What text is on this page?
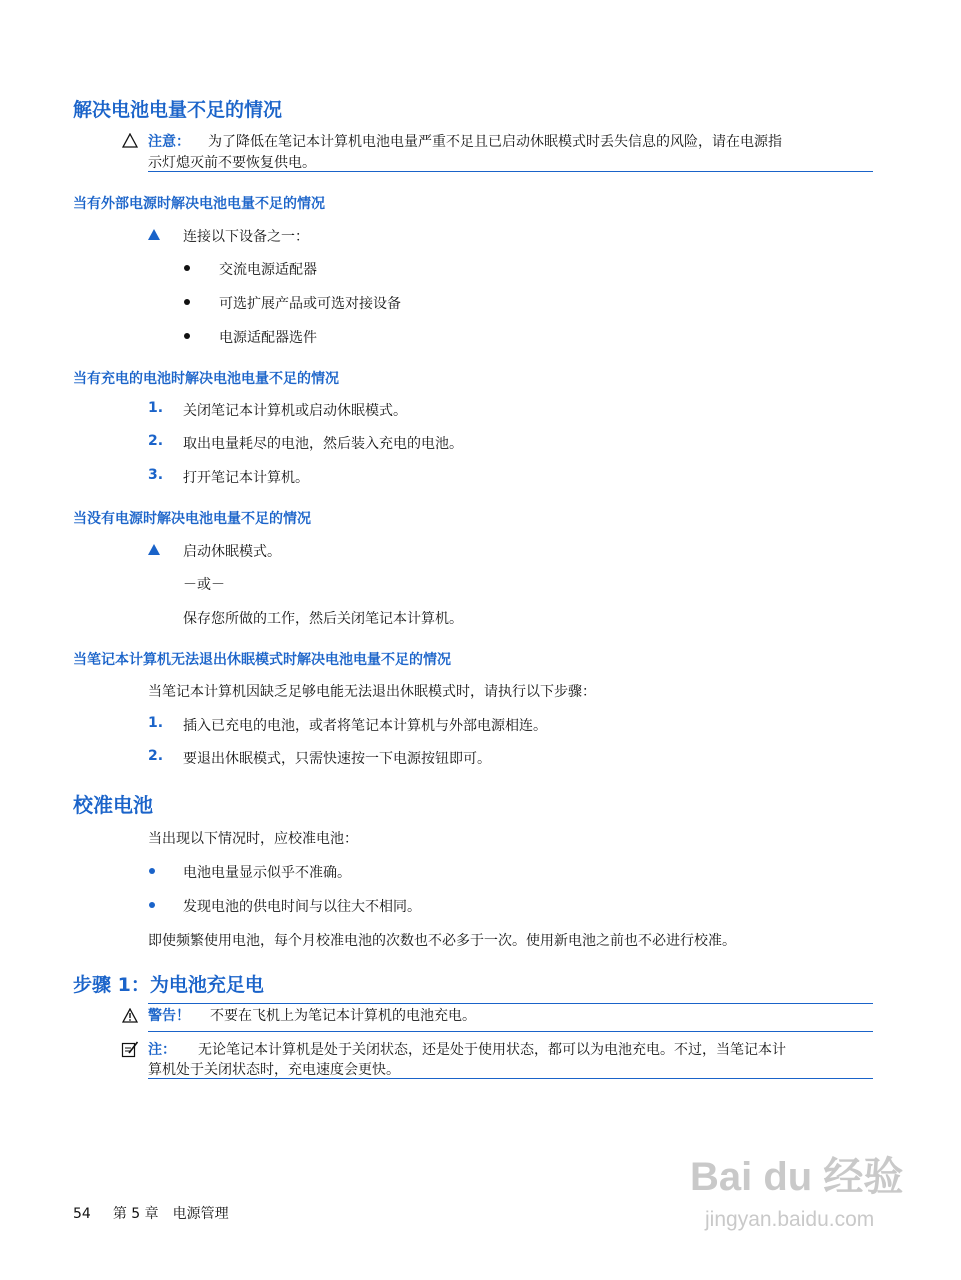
解决电池电量不足的情况
注意： 为了降低在笔记本计算机电池电量严重不足且已启动休眠模式时丢失信息的风险，请在电源指
示灯熄灭前不要恢复供电。
当有外部电源时解决电池电量不足的情况
连接以下设备之一：
交流电源适配器
可选扩展产品或可选对接设备
电源适配器选件
当有充电的电池时解决电池电量不足的情况
1. 关闭笔记本计算机或启动休眠模式。
2. 取出电量耗尽的电池，然后装入充电的电池。
3. 打开笔记本计算机。
当没有电源时解决电池电量不足的情况
启动休眠模式。
－或－
保存您所做的工作，然后关闭笔记本计算机。
当笔记本计算机无法退出休眠模式时解决电池电量不足的情况
当笔记本计算机因缺乏足够电能无法退出休眠模式时，请执行以下步骤：
1. 插入已充电的电池，或者将笔记本计算机与外部电源相连。
2. 要退出休眠模式，只需快速按一下电源按钮即可。
校准电池
当出现以下情况时，应校准电池：
电池电量显示似乎不准确。
发现电池的供电时间与以往大不相同。
即使频繁使用电池，每个月校准电池的次数也不必多于一次。使用新电池之前也不必进行校准。
步骤 1：为电池充足电
警告！ 不要在飞机上为笔记本计算机的电池充电。
注： 无论笔记本计算机是处于关闭状态，还是处于使用状态，都可以为电池充电。不过，当笔记本计
算机处于关闭状态时，充电速度会更快。
54 第 5 章 电源管理
Bai du 经验
jingyan.baidu.com
